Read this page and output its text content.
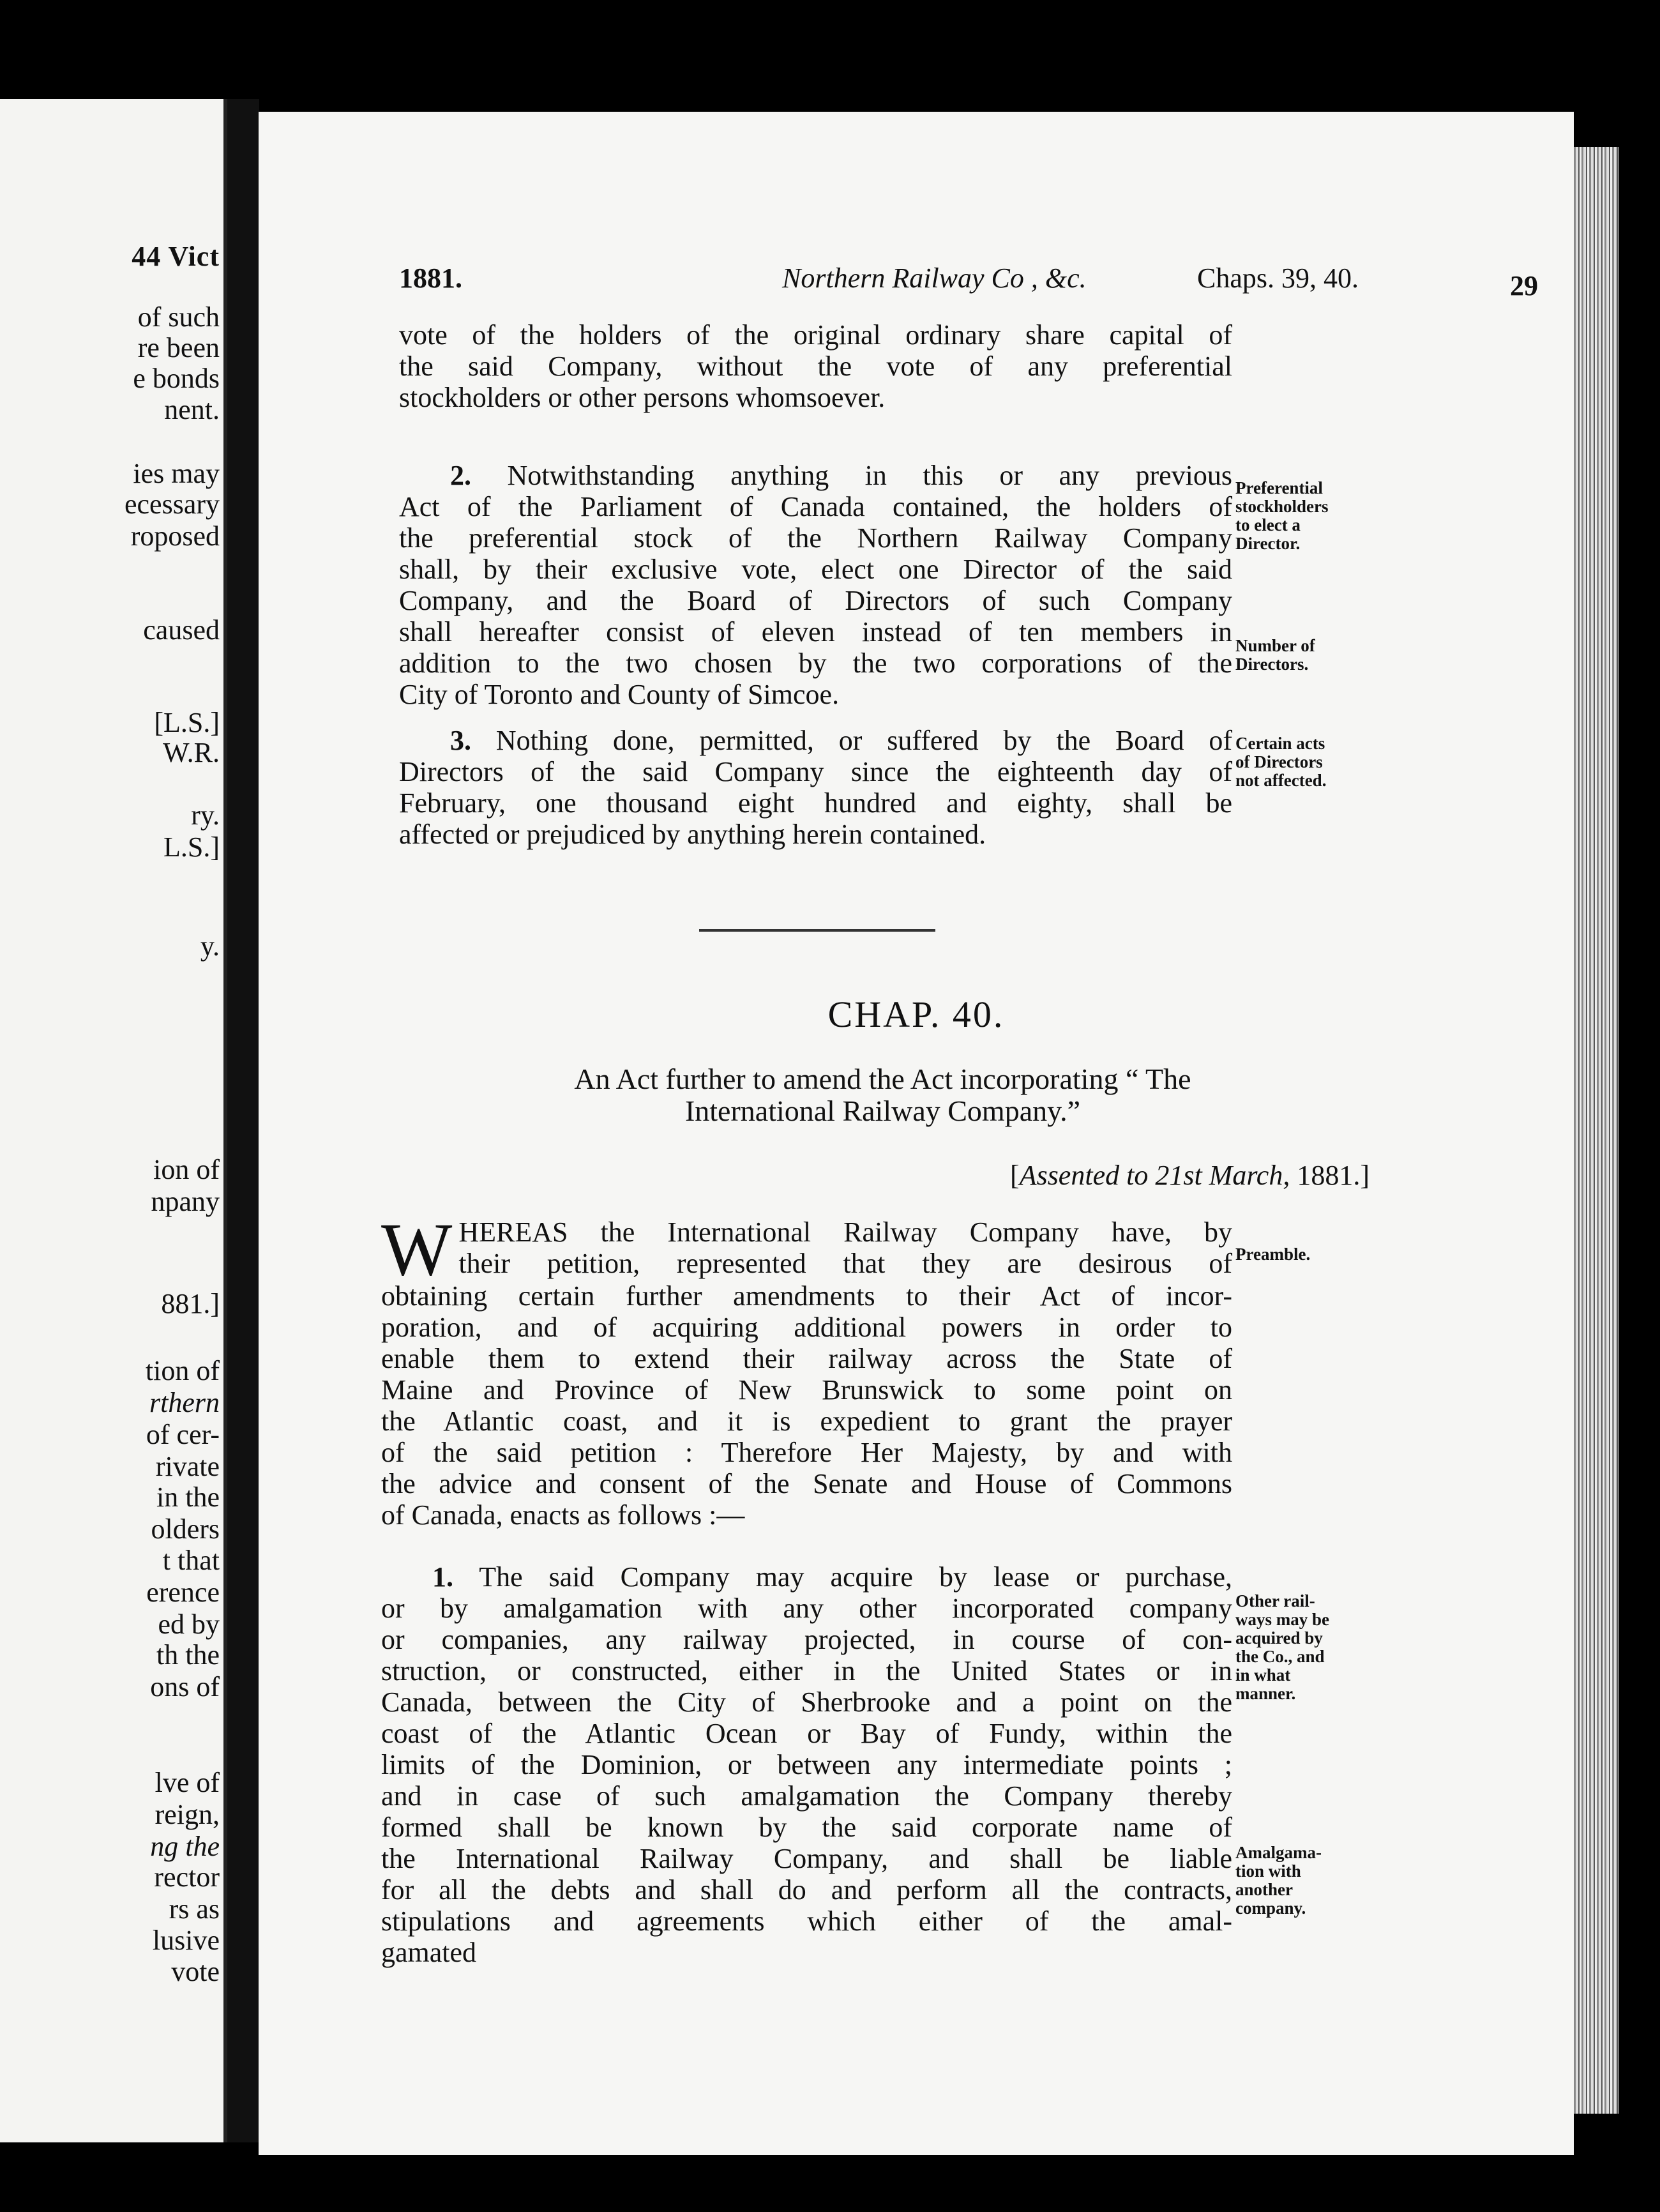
44 Vict
of such
re been
e bonds
nent.
ies may
ecessary
roposed
caused
[L.S.]
W.R.
ry.
L.S.]
y.
ion of
npany
881.]
tion of
rthern
of cer-
rivate
in the
olders
t that
erence
ed by
th the
ons of
lve of
reign,
ng the
rector
rs as
lusive
vote
1881.	Northern Railway Co , &c.	Chaps. 39, 40.	29
vote of the holders of the original ordinary share capital of
the said Company, without the vote of any preferential
stockholders or other persons whomsoever.
2. Notwithstanding anything in this or any previous
Act of the Parliament of Canada contained, the holders of
the preferential stock of the Northern Railway Company
shall, by their exclusive vote, elect one Director of the said
Company, and the Board of Directors of such Company
shall hereafter consist of eleven instead of ten members in
addition to the two chosen by the two corporations of the
City of Toronto and County of Simcoe.
Preferential
stockholders
to elect a
Director.
Number of
Directors.
3. Nothing done, permitted, or suffered by the Board of
Directors of the said Company since the eighteenth day of
February, one thousand eight hundred and eighty, shall be
affected or prejudiced by anything herein contained.
Certain acts
of Directors
not affected.
CHAP. 40.
An Act further to amend the Act incorporating “ The
International Railway Company.”
[Assented to 21st March, 1881.]
W HEREAS the International Railway Company have, by
their petition, represented that they are desirous of
obtaining certain further amendments to their Act of incor-
poration, and of acquiring additional powers in order to
enable them to extend their railway across the State of
Maine and Province of New Brunswick to some point on
the Atlantic coast, and it is expedient to grant the prayer
of the said petition : Therefore Her Majesty, by and with
the advice and consent of the Senate and House of Commons
of Canada, enacts as follows :—
Preamble.
1. The said Company may acquire by lease or purchase,
or by amalgamation with any other incorporated company
or companies, any railway projected, in course of con-
struction, or constructed, either in the United States or in
Canada, between the City of Sherbrooke and a point on the
coast of the Atlantic Ocean or Bay of Fundy, within the
limits of the Dominion, or between any intermediate points ;
and in case of such amalgamation the Company thereby
formed shall be known by the said corporate name of
the International Railway Company, and shall be liable
for all the debts and shall do and perform all the contracts,
stipulations and agreements which either of the amal-
gamated
Other rail-
ways may be
acquired by
the Co., and
in what
manner.
Amalgama-
tion with
another
company.
